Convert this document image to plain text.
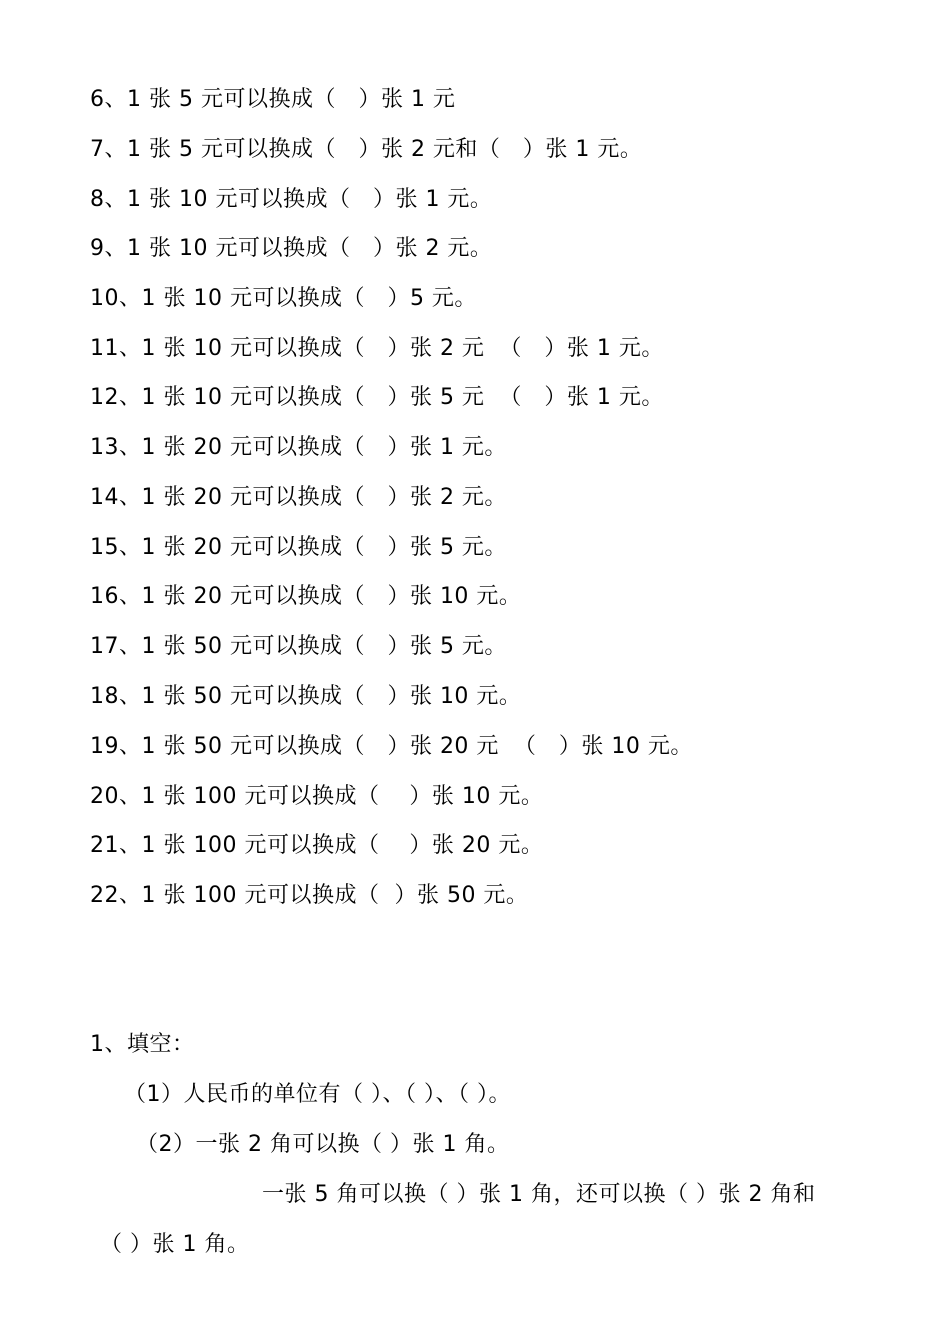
6、1 张 5 元可以换成（   ）张 1 元
7、1 张 5 元可以换成（   ）张 2 元和（   ）张 1 元。
8、1 张 10 元可以换成（   ）张 1 元。
9、1 张 10 元可以换成（   ）张 2 元。
10、1 张 10 元可以换成（   ）5 元。
11、1 张 10 元可以换成（   ）张 2 元  （   ）张 1 元。
12、1 张 10 元可以换成（   ）张 5 元  （   ）张 1 元。
13、1 张 20 元可以换成（   ）张 1 元。
14、1 张 20 元可以换成（   ）张 2 元。
15、1 张 20 元可以换成（   ）张 5 元。
16、1 张 20 元可以换成（   ）张 10 元。
17、1 张 50 元可以换成（   ）张 5 元。
18、1 张 50 元可以换成（   ）张 10 元。
19、1 张 50 元可以换成（   ）张 20 元  （   ）张 10 元。
20、1 张 100 元可以换成（    ）张 10 元。
21、1 张 100 元可以换成（    ）张 20 元。
22、1 张 100 元可以换成（  ）张 50 元。
1、填空：
（1）人民币的单位有（ ）、（ ）、（ ）。
（2）一张 2 角可以换（ ）张 1 角。
一张 5 角可以换（ ）张 1 角，还可以换（ ）张 2 角和
（ ）张 1 角。
